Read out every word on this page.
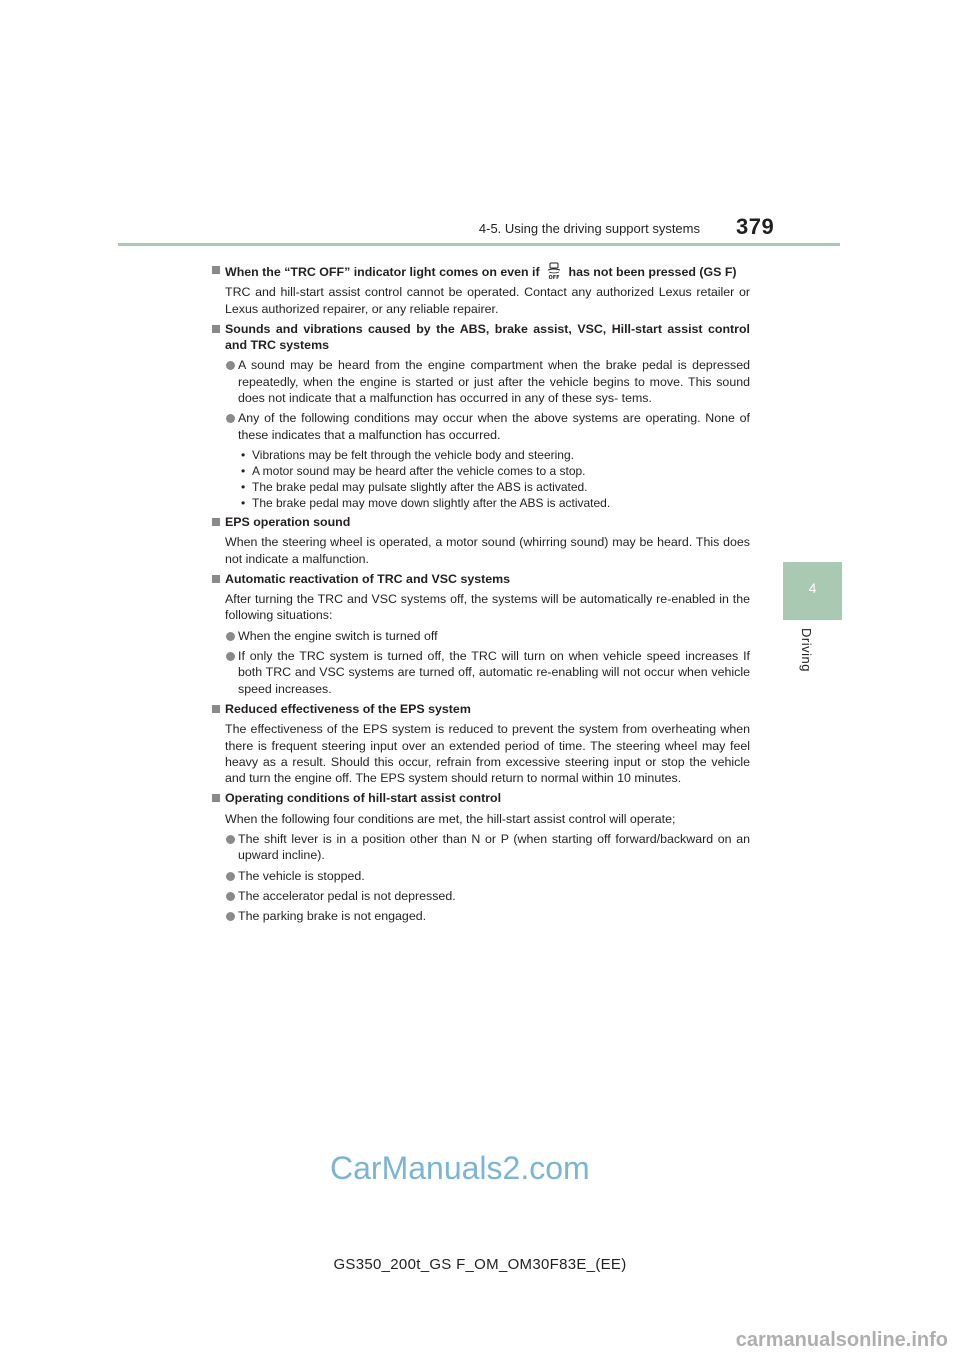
4-5. Using the driving support systems 379
4
Driving
When the “TRC OFF” indicator light comes on even if OFF has not been pressed (GS F)
TRC and hill-start assist control cannot be operated. Contact any authorized Lexus retailer or Lexus authorized repairer, or any reliable repairer.
Sounds and vibrations caused by the ABS, brake assist, VSC, Hill-start assist control and TRC systems
A sound may be heard from the engine compartment when the brake pedal is depressed repeatedly, when the engine is started or just after the vehicle begins to move. This sound does not indicate that a malfunction has occurred in any of these sys- tems.
Any of the following conditions may occur when the above systems are operating. None of these indicates that a malfunction has occurred.
• Vibrations may be felt through the vehicle body and steering.
• A motor sound may be heard after the vehicle comes to a stop.
• The brake pedal may pulsate slightly after the ABS is activated.
• The brake pedal may move down slightly after the ABS is activated.
EPS operation sound
When the steering wheel is operated, a motor sound (whirring sound) may be heard. This does not indicate a malfunction.
Automatic reactivation of TRC and VSC systems
After turning the TRC and VSC systems off, the systems will be automatically re-enabled in the following situations:
When the engine switch is turned off
If only the TRC system is turned off, the TRC will turn on when vehicle speed increases If both TRC and VSC systems are turned off, automatic re-enabling will not occur when vehicle speed increases.
Reduced effectiveness of the EPS system
The effectiveness of the EPS system is reduced to prevent the system from overheating when there is frequent steering input over an extended period of time. The steering wheel may feel heavy as a result. Should this occur, refrain from excessive steering input or stop the vehicle and turn the engine off. The EPS system should return to normal within 10 minutes.
Operating conditions of hill-start assist control
When the following four conditions are met, the hill-start assist control will operate;
The shift lever is in a position other than N or P (when starting off forward/backward on an upward incline).
The vehicle is stopped.
The accelerator pedal is not depressed.
The parking brake is not engaged.
CarManuals2.com
GS350_200t_GS F_OM_OM30F83E_(EE)
carmanualsonline.info
